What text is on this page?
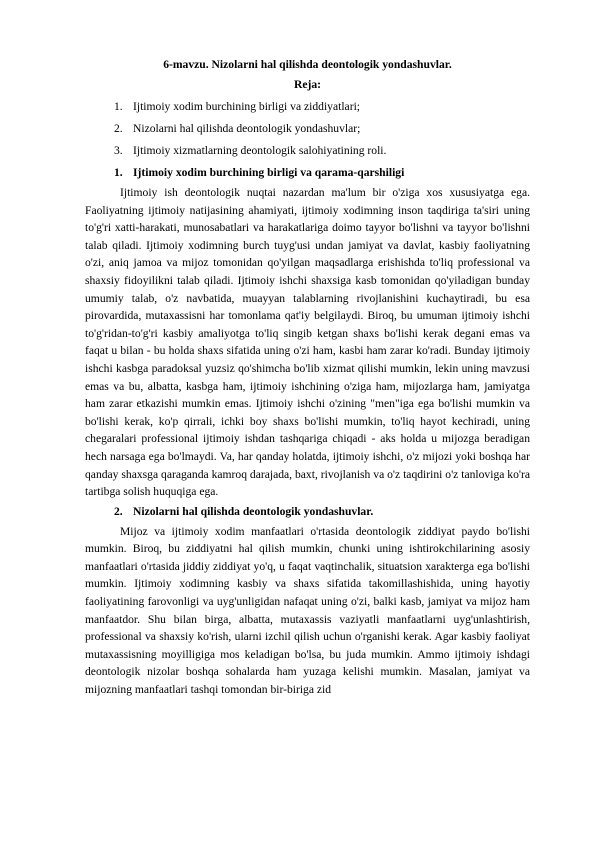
6-mavzu. Nizolarni hal qilishda deontologik yondashuvlar.

Reja:

1. Ijtimoiy xodim burchining birligi va ziddiyatlari;
2. Nizolarni hal qilishda deontologik yondashuvlar;
3. Ijtimoiy xizmatlarning deontologik salohiyatining roli.

1. Ijtimoiy xodim burchining birligi va qarama-qarshiligi

Ijtimoiy ish deontologik nuqtai nazardan ma'lum bir o'ziga xos xususiyatga ega. Faoliyatning ijtimoiy natijasining ahamiyati, ijtimoiy xodimning inson taqdiriga ta'siri uning to'g'ri xatti-harakati, munosabatlari va harakatlariga doimo tayyor bo'lishni va tayyor bo'lishni talab qiladi. Ijtimoiy xodimning burch tuyg'usi undan jamiyat va davlat, kasbiy faoliyatning o'zi, aniq jamoa va mijoz tomonidan qo'yilgan maqsadlarga erishishda to'liq professional va shaxsiy fidoyilikni talab qiladi. Ijtimoiy ishchi shaxsiga kasb tomonidan qo'yiladigan bunday umumiy talab, o'z navbatida, muayyan talablarning rivojlanishini kuchaytiradi, bu esa pirovardida, mutaxassisni har tomonlama qat'iy belgilaydi. Biroq, bu umuman ijtimoiy ishchi to'g'ridan-to'g'ri kasbiy amaliyotga to'liq singib ketgan shaxs bo'lishi kerak degani emas va faqat u bilan - bu holda shaxs sifatida uning o'zi ham, kasbi ham zarar ko'radi. Bunday ijtimoiy ishchi kasbga paradoksal yuzsiz qo'shimcha bo'lib xizmat qilishi mumkin, lekin uning mavzusi emas va bu, albatta, kasbga ham, ijtimoiy ishchining o'ziga ham, mijozlarga ham, jamiyatga ham zarar etkazishi mumkin emas. Ijtimoiy ishchi o'zining "men"iga ega bo'lishi mumkin va bo'lishi kerak, ko'p qirrali, ichki boy shaxs bo'lishi mumkin, to'liq hayot kechiradi, uning chegaralari professional ijtimoiy ishdan tashqariga chiqadi - aks holda u mijozga beradigan hech narsaga ega bo'lmaydi. Va, har qanday holatda, ijtimoiy ishchi, o'z mijozi yoki boshqa har qanday shaxsga qaraganda kamroq darajada, baxt, rivojlanish va o'z taqdirini o'z tanloviga ko'ra tartibga solish huquqiga ega.

2. Nizolarni hal qilishda deontologik yondashuvlar.

Mijoz va ijtimoiy xodim manfaatlari o'rtasida deontologik ziddiyat paydo bo'lishi mumkin. Biroq, bu ziddiyatni hal qilish mumkin, chunki uning ishtirokchilarining asosiy manfaatlari o'rtasida jiddiy ziddiyat yo'q, u faqat vaqtinchalik, situatsion xarakterga ega bo'lishi mumkin. Ijtimoiy xodimning kasbiy va shaxs sifatida takomillashishida, uning hayotiy faoliyatining farovonligi va uyg'unligidan nafaqat uning o'zi, balki kasb, jamiyat va mijoz ham manfaatdor. Shu bilan birga, albatta, mutaxassis vaziyatli manfaatlarni uyg'unlashtirish, professional va shaxsiy ko'rish, ularni izchil qilish uchun o'rganishi kerak. Agar kasbiy faoliyat mutaxassisning moyilligiga mos keladigan bo'lsa, bu juda mumkin. Ammo ijtimoiy ishdagi deontologik nizolar boshqa sohalarda ham yuzaga kelishi mumkin. Masalan, jamiyat va mijozning manfaatlari tashqi tomondan bir-biriga zid
